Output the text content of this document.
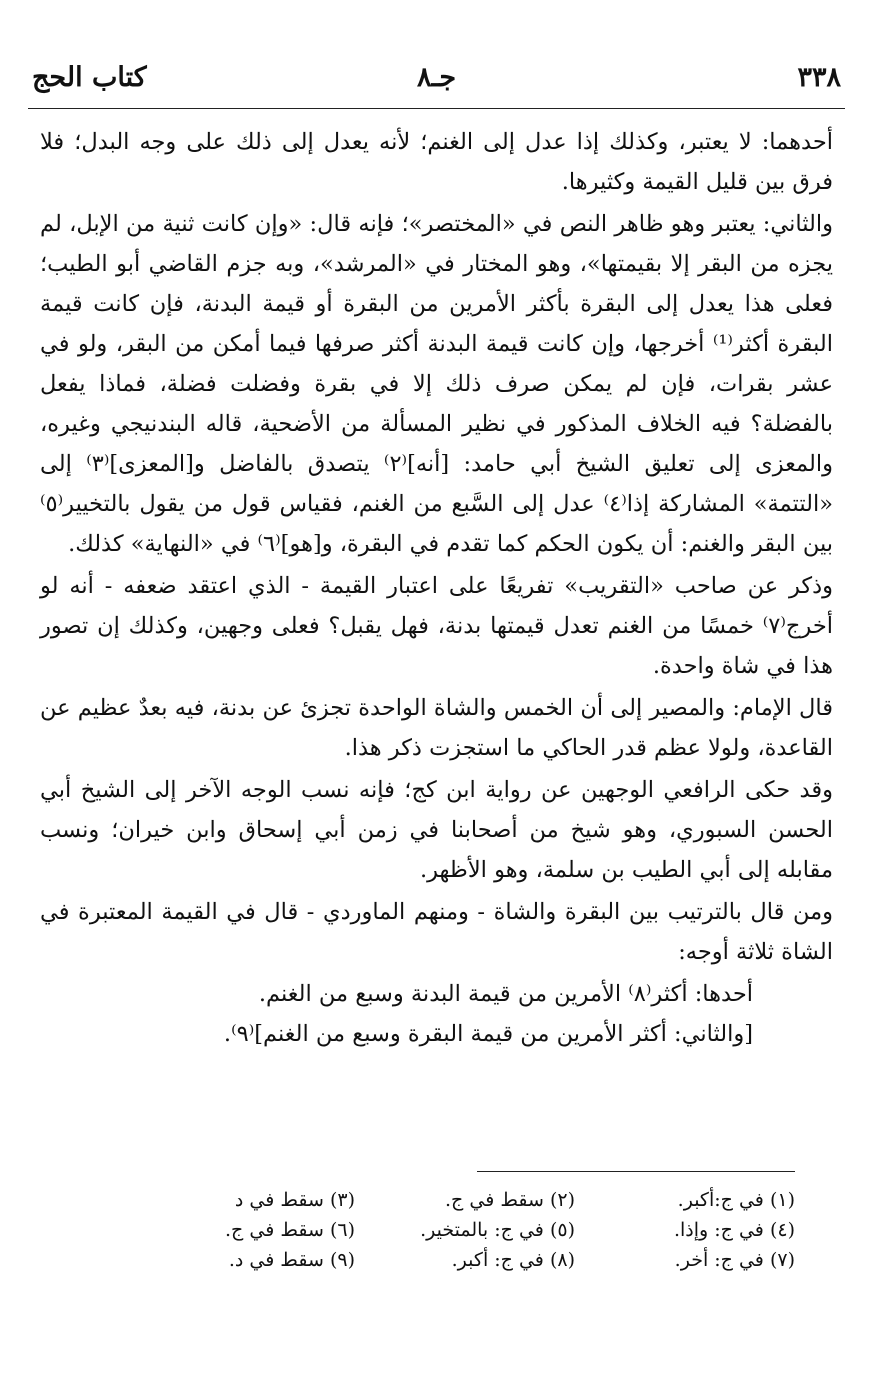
٣٣٨
جـ٨
كتاب الحج

أحدهما: لا يعتبر، وكذلك إذا عدل إلى الغنم؛ لأنه يعدل إلى ذلك على وجه البدل؛ فلا فرق بين قليل القيمة وكثيرها.

والثاني: يعتبر وهو ظاهر النص في «المختصر»؛ فإنه قال: «وإن كانت ثنية من الإبل، لم يجزه من البقر إلا بقيمتها»، وهو المختار في «المرشد»، وبه جزم القاضي أبو الطيب؛ فعلى هذا يعدل إلى البقرة بأكثر الأمرين من البقرة أو قيمة البدنة، فإن كانت قيمة البقرة أكثر⁽¹⁾ أخرجها، وإن كانت قيمة البدنة أكثر صرفها فيما أمكن من البقر، ولو في عشر بقرات، فإن لم يمكن صرف ذلك إلا في بقرة وفضلت فضلة، فماذا يفعل بالفضلة؟ فيه الخلاف المذكور في نظير المسألة من الأضحية، قاله البندنيجي وغيره، والمعزى إلى تعليق الشيخ أبي حامد: [أنه]⁽٢⁾ يتصدق بالفاضل و[المعزى]⁽٣⁾ إلى «التتمة» المشاركة إذا⁽٤⁾ عدل إلى السَّبع من الغنم، فقياس قول من يقول بالتخيير⁽٥⁾ بين البقر والغنم: أن يكون الحكم كما تقدم في البقرة، و[هو]⁽٦⁾ في «النهاية» كذلك.

وذكر عن صاحب «التقريب» تفريعًا على اعتبار القيمة - الذي اعتقد ضعفه - أنه لو أخرج⁽٧⁾ خمسًا من الغنم تعدل قيمتها بدنة، فهل يقبل؟ فعلى وجهين، وكذلك إن تصور هذا في شاة واحدة.

قال الإمام: والمصير إلى أن الخمس والشاة الواحدة تجزئ عن بدنة، فيه بعدٌ عظيم عن القاعدة، ولولا عظم قدر الحاكي ما استجزت ذكر هذا.

وقد حكى الرافعي الوجهين عن رواية ابن كج؛ فإنه نسب الوجه الآخر إلى الشيخ أبي الحسن السبوري، وهو شيخ من أصحابنا في زمن أبي إسحاق وابن خيران؛ ونسب مقابله إلى أبي الطيب بن سلمة، وهو الأظهر.

ومن قال بالترتيب بين البقرة والشاة - ومنهم الماوردي - قال في القيمة المعتبرة في الشاة ثلاثة أوجه:

أحدها: أكثر⁽٨⁾ الأمرين من قيمة البدنة وسبع من الغنم.

[والثاني: أكثر الأمرين من قيمة البقرة وسبع من الغنم]⁽٩⁾.

(١) في ج:أكبر.
(٢) سقط في ج.
(٣) سقط في د
(٤) في ج: وإذا.
(٥) في ج: بالمتخير.
(٦) سقط في ج.
(٧) في ج: أخر.
(٨) في ج: أكبر.
(٩) سقط في د.
